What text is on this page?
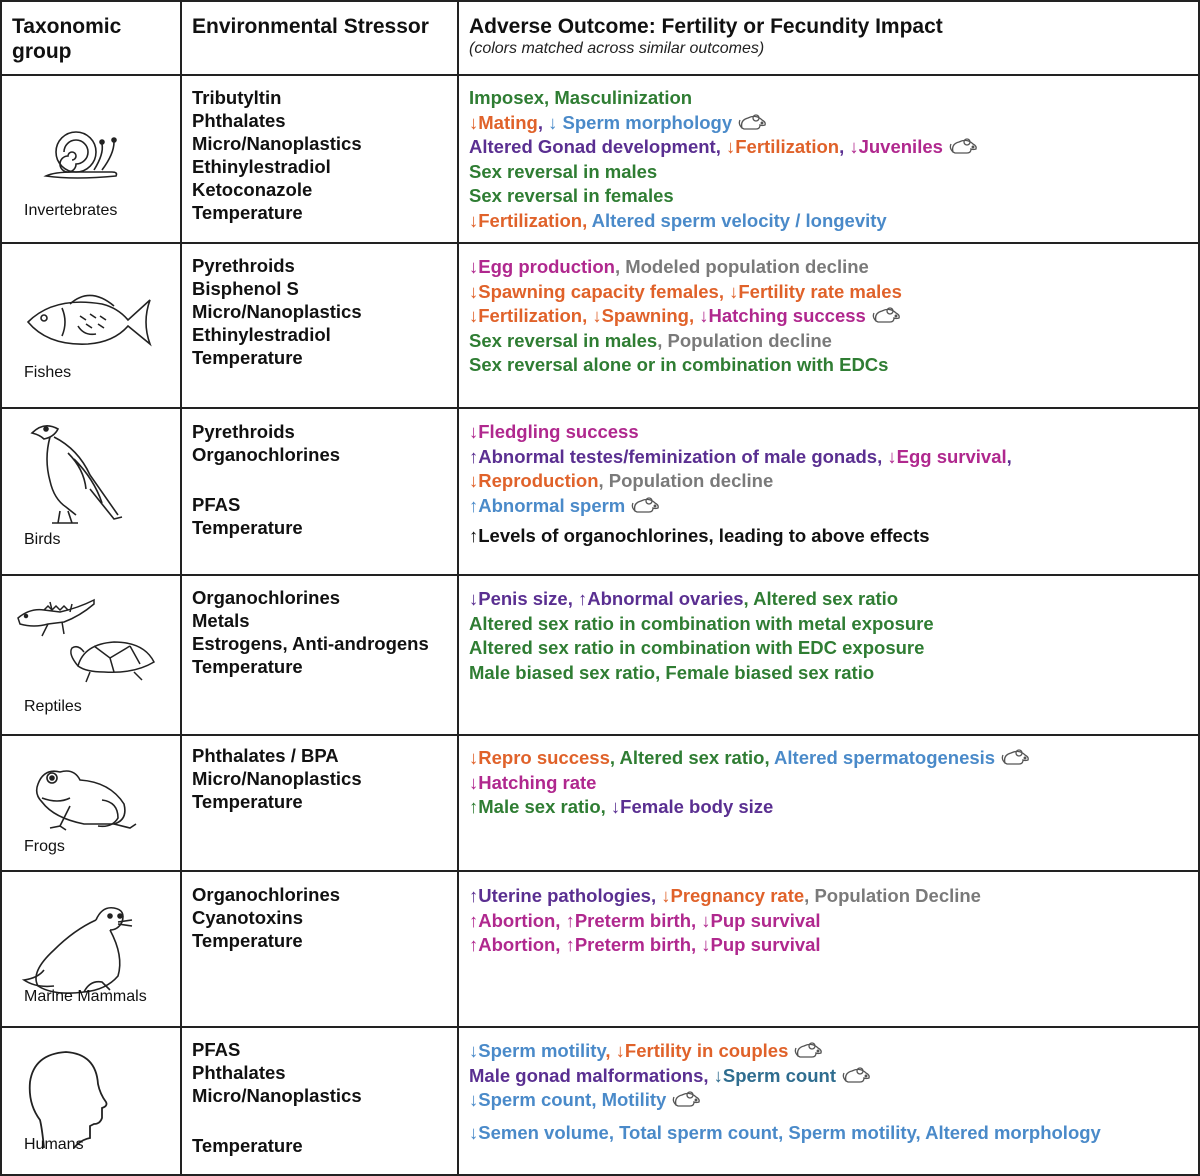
Taxonomic
group
Environmental Stressor Adverse Outcome: Fertility or Fecundity Impact
(colors matched across similar outcomes)
Invertebrates
Tributyltin
Phthalates
Micro/Nanoplastics
Ethinylestradiol
Ketoconazole
Temperature
Imposex, Masculinization
↓Mating, ↓ Sperm morphology
Altered Gonad development, ↓Fertilization, ↓Juveniles
Sex reversal in males
Sex reversal in females
↓Fertilization, Altered sperm velocity / longevity
Fishes
Pyrethroids
Bisphenol S
Micro/Nanoplastics
Ethinylestradiol
Temperature
↓Egg production, Modeled population decline
↓Spawning capacity females, ↓Fertility rate males
↓Fertilization, ↓Spawning, ↓Hatching success
Sex reversal in males, Population decline
Sex reversal alone or in combination with EDCs
Birds
Pyrethroids
Organochlorines
PFAS
Temperature
↓Fledgling success
↑Abnormal testes/feminization of male gonads, ↓Egg survival,
↓Reproduction, Population decline
↑Abnormal sperm
↑Levels of organochlorines, leading to above effects
Reptiles
Organochlorines
Metals
Estrogens, Anti-androgens
Temperature
↓Penis size, ↑Abnormal ovaries, Altered sex ratio
Altered sex ratio in combination with metal exposure
Altered sex ratio in combination with EDC exposure
Male biased sex ratio, Female biased sex ratio
Frogs
Phthalates / BPA
Micro/Nanoplastics
Temperature
↓Repro success, Altered sex ratio, Altered spermatogenesis
↓Hatching rate
↑Male sex ratio, ↓Female body size
Marine Mammals
Organochlorines
Cyanotoxins
Temperature
↑Uterine pathologies, ↓Pregnancy rate, Population Decline
↑Abortion, ↑Preterm birth, ↓Pup survival
↑Abortion, ↑Preterm birth, ↓Pup survival
Humans
PFAS
Phthalates
Micro/Nanoplastics
Temperature
↓Sperm motility, ↓Fertility in couples
Male gonad malformations, ↓Sperm count
↓Sperm count, Motility
↓Semen volume, Total sperm count, Sperm motility, Altered morphology
